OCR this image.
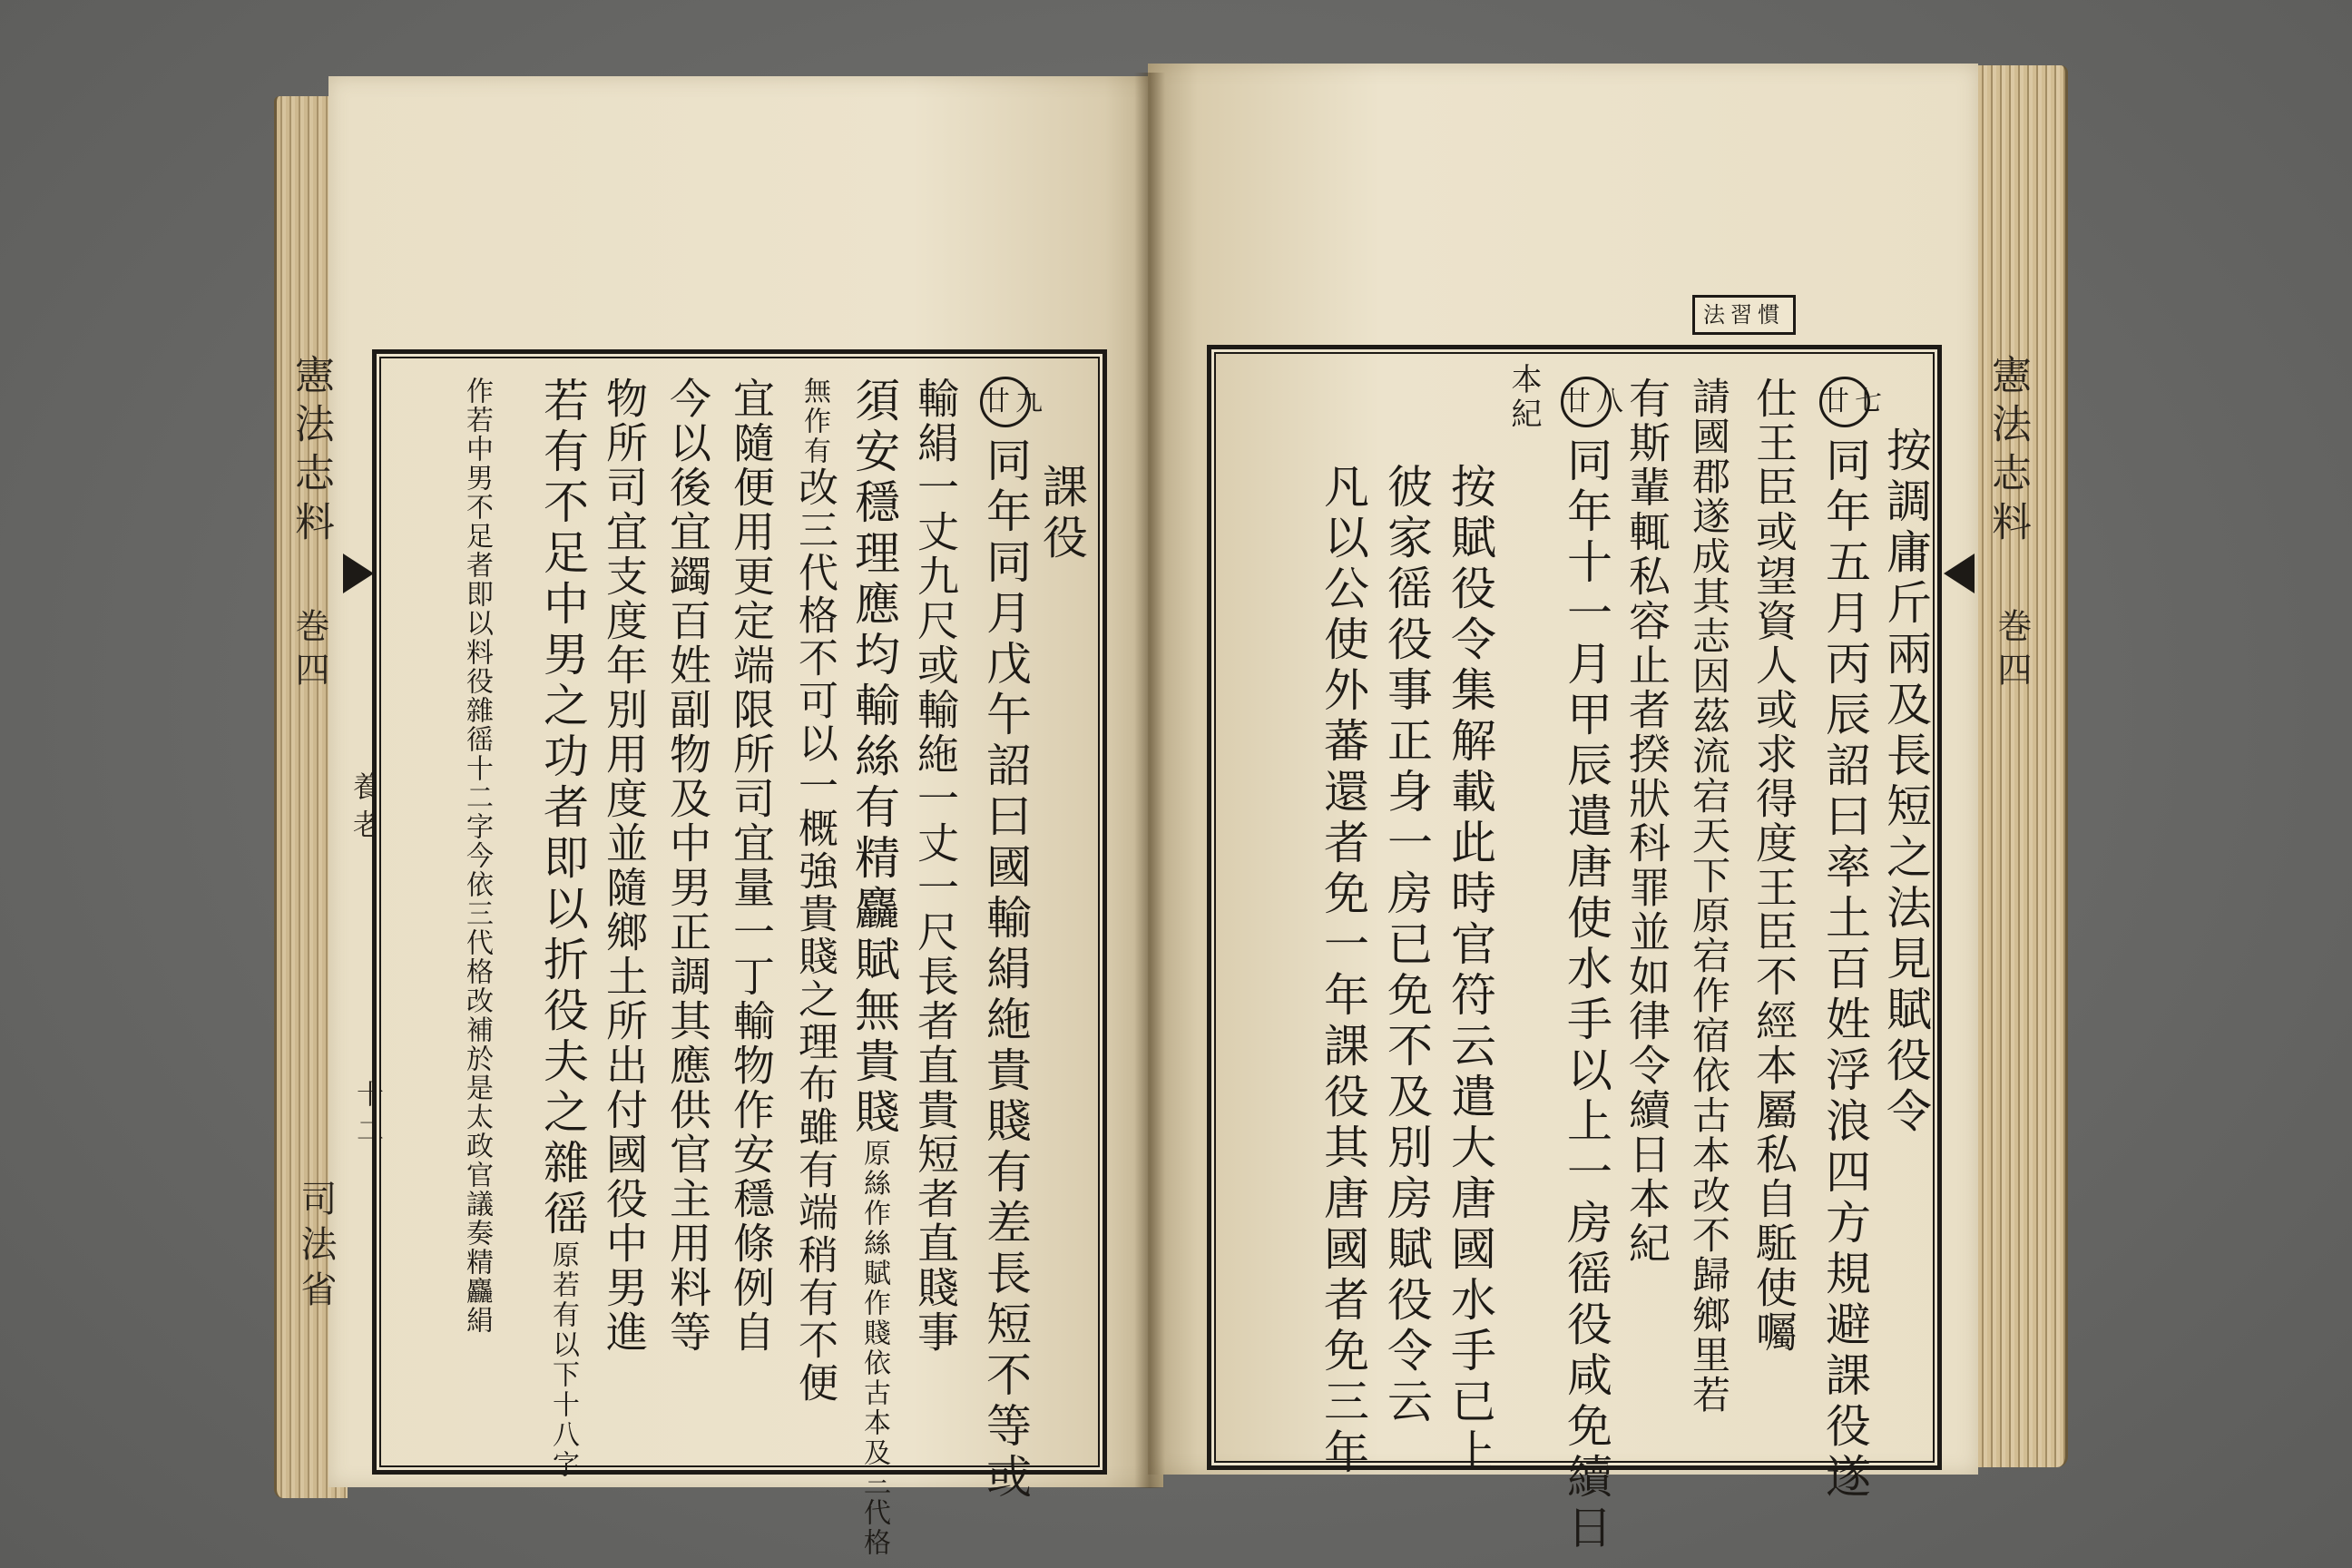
憲法志料
巻四
養老
十二
司法省
課役
廿九同年同月戊午詔曰國輸絹絁貴賤有差長短不等或
輸絹一丈九尺或輸絁一丈一尺長者直貴短者直賤事
須安穩理應均輸絲有精麤賦無貴賤原絲作絲賦作賤依古本及三代格
無作有改三代格不可以一概強貴賤之理布雖有端稍有不便
宜隨便用更定端限所司宜量一丁輸物作安穩條例自
今以後宜蠲百姓副物及中男正調其應供官主用料等
物所司宜支度年別用度並隨鄉土所出付國役中男進
若有不足中男之功者即以折役夫之雜徭原若有以下十八字
作若中男不足者即以料役雜徭十二字今依三代格改補於是太政官議奏精麤絹
法習慣
憲法志料
巻四
按調庸斤兩及長短之法見賦役令
廿七同年五月丙辰詔曰率土百姓浮浪四方規避課役遂
仕王臣或望資人或求得度王臣不經本屬私自駈使囑
請國郡遂成其志因茲流宕天下原宕作宿依古本改不歸鄉里若
有斯輩輒私容止者揆狀科罪並如律令續日本紀
廿八同年十一月甲辰遣唐使水手以上一房徭役咸免續日
本紀
按賦役令集解載此時官符云遣大唐國水手已上
彼家徭役事正身一房已免不及別房賦役令云
凡以公使外蕃還者免一年課役其唐國者免三年
